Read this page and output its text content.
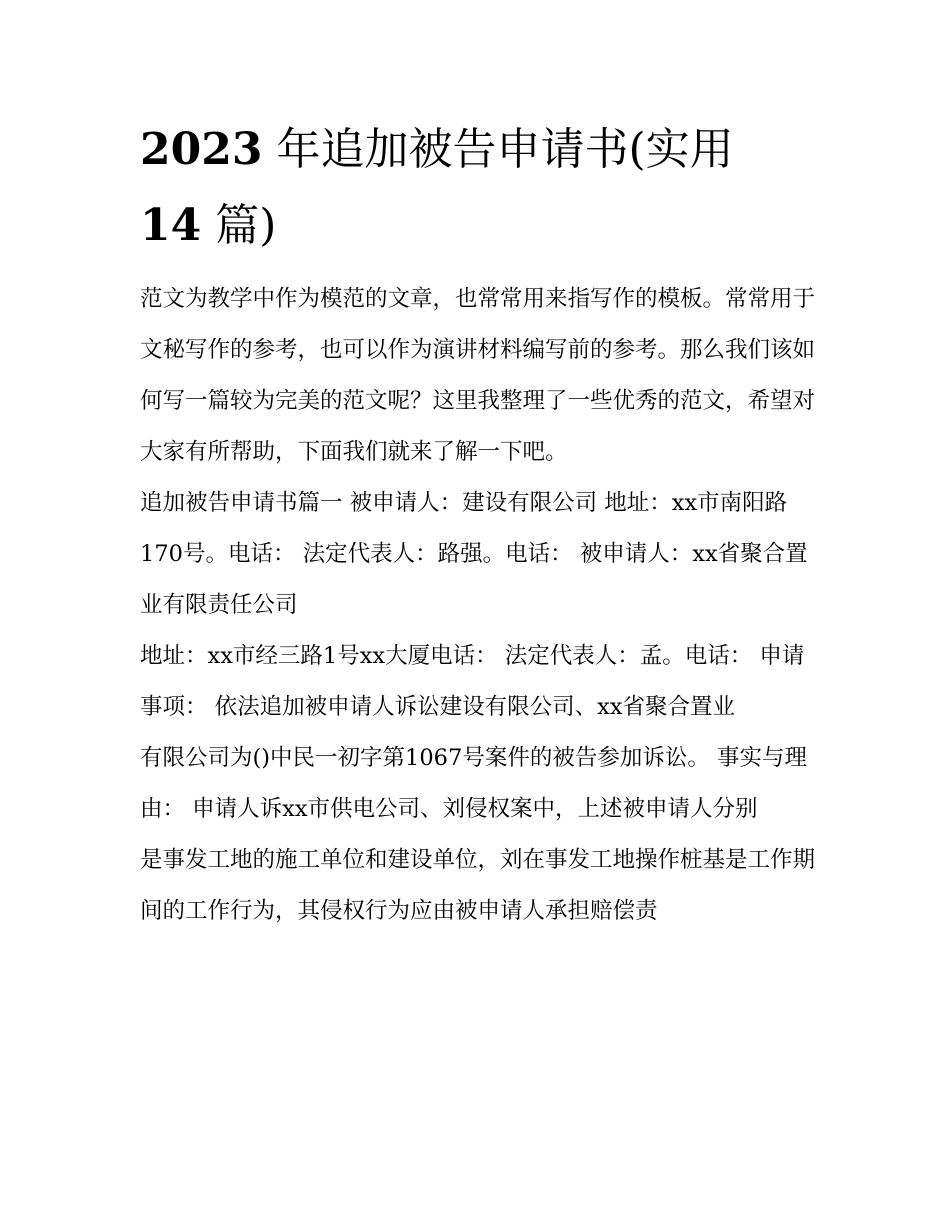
2023 年追加被告申请书(实用
14 篇)

范文为教学中作为模范的文章，也常常用来指写作的模板。常常用于文秘写作的参考，也可以作为演讲材料编写前的参考。那么我们该如何写一篇较为完美的范文呢？这里我整理了一些优秀的范文，希望对大家有所帮助，下面我们就来了解一下吧。

追加被告申请书篇一 被申请人：建设有限公司 地址：xx市南阳路170号。电话： 法定代表人：路强。电话： 被申请人：xx省聚合置业有限责任公司

地址：xx市经三路1号xx大厦电话： 法定代表人：孟。电话： 申请事项： 依法追加被申请人诉讼建设有限公司、xx省聚合置业

有限公司为()中民一初字第1067号案件的被告参加诉讼。 事实与理由： 申请人诉xx市供电公司、刘侵权案中，上述被申请人分别

是事发工地的施工单位和建设单位，刘在事发工地操作桩基是工作期间的工作行为，其侵权行为应由被申请人承担赔偿责
